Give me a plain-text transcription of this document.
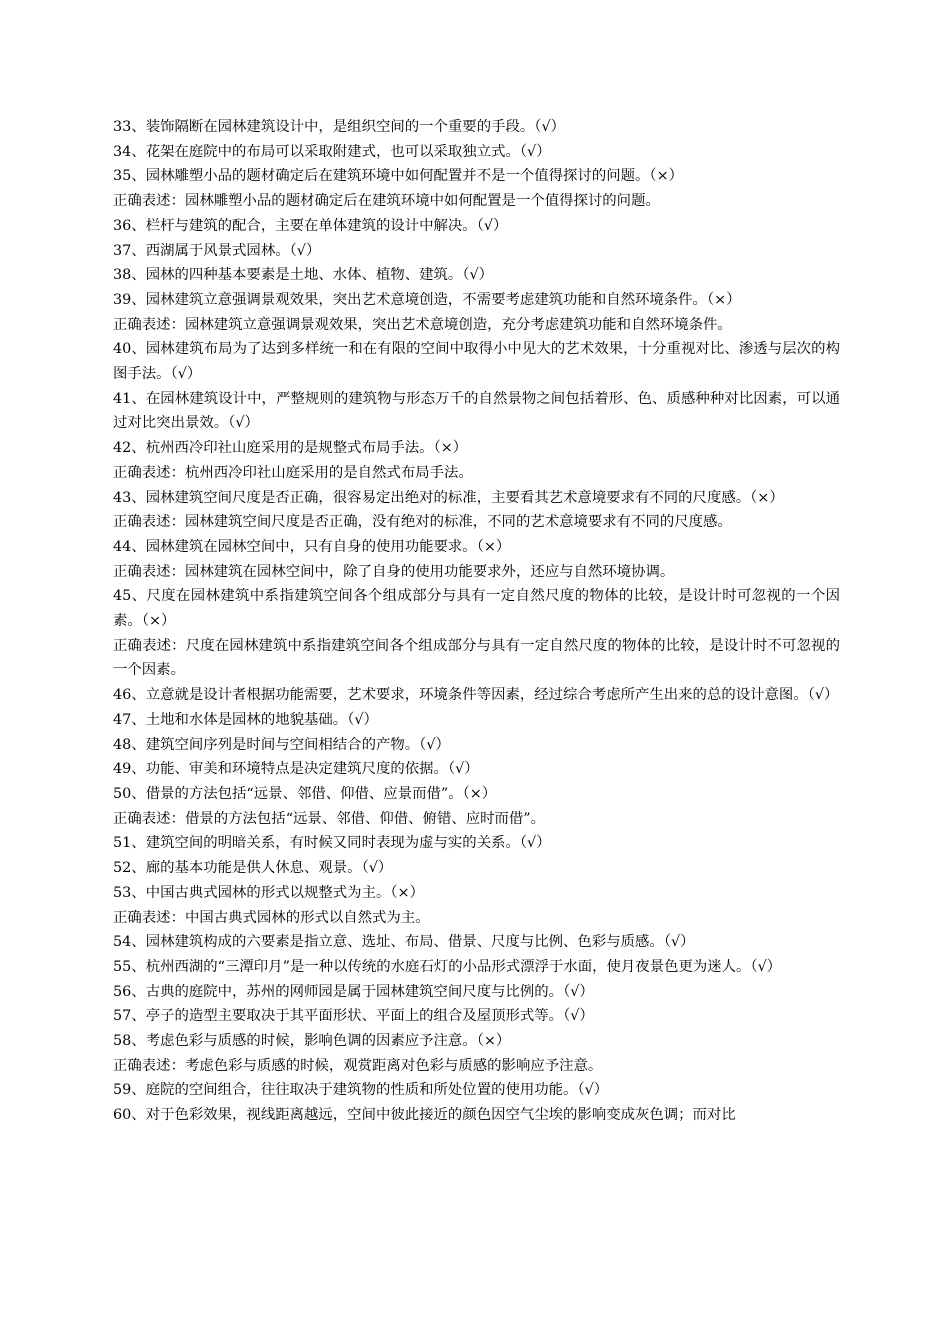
33、装饰隔断在园林建筑设计中，是组织空间的一个重要的手段。（√）

34、花架在庭院中的布局可以采取附建式，也可以采取独立式。（√）

35、园林雕塑小品的题材确定后在建筑环境中如何配置并不是一个值得探讨的问题。（×）

正确表述：园林雕塑小品的题材确定后在建筑环境中如何配置是一个值得探讨的问题。

36、栏杆与建筑的配合，主要在单体建筑的设计中解决。（√）

37、西湖属于风景式园林。（√）

38、园林的四种基本要素是土地、水体、植物、建筑。（√）

39、园林建筑立意强调景观效果，突出艺术意境创造，不需要考虑建筑功能和自然环境条件。（×）

正确表述：园林建筑立意强调景观效果，突出艺术意境创造，充分考虑建筑功能和自然环境条件。

40、园林建筑布局为了达到多样统一和在有限的空间中取得小中见大的艺术效果，十分重视对比、渗透与层次的构图手法。（√）

41、在园林建筑设计中，严整规则的建筑物与形态万千的自然景物之间包括着形、色、质感种种对比因素，可以通过对比突出景效。（√）

42、杭州西冷印社山庭采用的是规整式布局手法。（×）

正确表述：杭州西冷印社山庭采用的是自然式布局手法。

43、园林建筑空间尺度是否正确，很容易定出绝对的标准，主要看其艺术意境要求有不同的尺度感。（×）

正确表述：园林建筑空间尺度是否正确，没有绝对的标准，不同的艺术意境要求有不同的尺度感。

44、园林建筑在园林空间中，只有自身的使用功能要求。（×）

正确表述：园林建筑在园林空间中，除了自身的使用功能要求外，还应与自然环境协调。

45、尺度在园林建筑中系指建筑空间各个组成部分与具有一定自然尺度的物体的比较，是设计时可忽视的一个因素。（×）

正确表述：尺度在园林建筑中系指建筑空间各个组成部分与具有一定自然尺度的物体的比较，是设计时不可忽视的一个因素。

46、立意就是设计者根据功能需要，艺术要求，环境条件等因素，经过综合考虑所产生出来的总的设计意图。（√）

47、土地和水体是园林的地貌基础。（√）

48、建筑空间序列是时间与空间相结合的产物。（√）

49、功能、审美和环境特点是决定建筑尺度的依据。（√）

50、借景的方法包括“远景、邻借、仰借、应景而借”。（×）

正确表述：借景的方法包括“远景、邻借、仰借、俯错、应时而借”。

51、建筑空间的明暗关系，有时候又同时表现为虚与实的关系。（√）

52、廊的基本功能是供人休息、观景。（√）

53、中国古典式园林的形式以规整式为主。（×）

正确表述：中国古典式园林的形式以自然式为主。

54、园林建筑构成的六要素是指立意、选址、布局、借景、尺度与比例、色彩与质感。（√）

55、杭州西湖的“三潭印月”是一种以传统的水庭石灯的小品形式漂浮于水面，使月夜景色更为迷人。（√）

56、古典的庭院中，苏州的网师园是属于园林建筑空间尺度与比例的。（√）

57、亭子的造型主要取决于其平面形状、平面上的组合及屋顶形式等。（√）

58、考虑色彩与质感的时候，影响色调的因素应予注意。（×）

正确表述：考虑色彩与质感的时候，观赏距离对色彩与质感的影响应予注意。

59、庭院的空间组合，往往取决于建筑物的性质和所处位置的使用功能。（√）

60、对于色彩效果，视线距离越远，空间中彼此接近的颜色因空气尘埃的影响变成灰色调；而对比
